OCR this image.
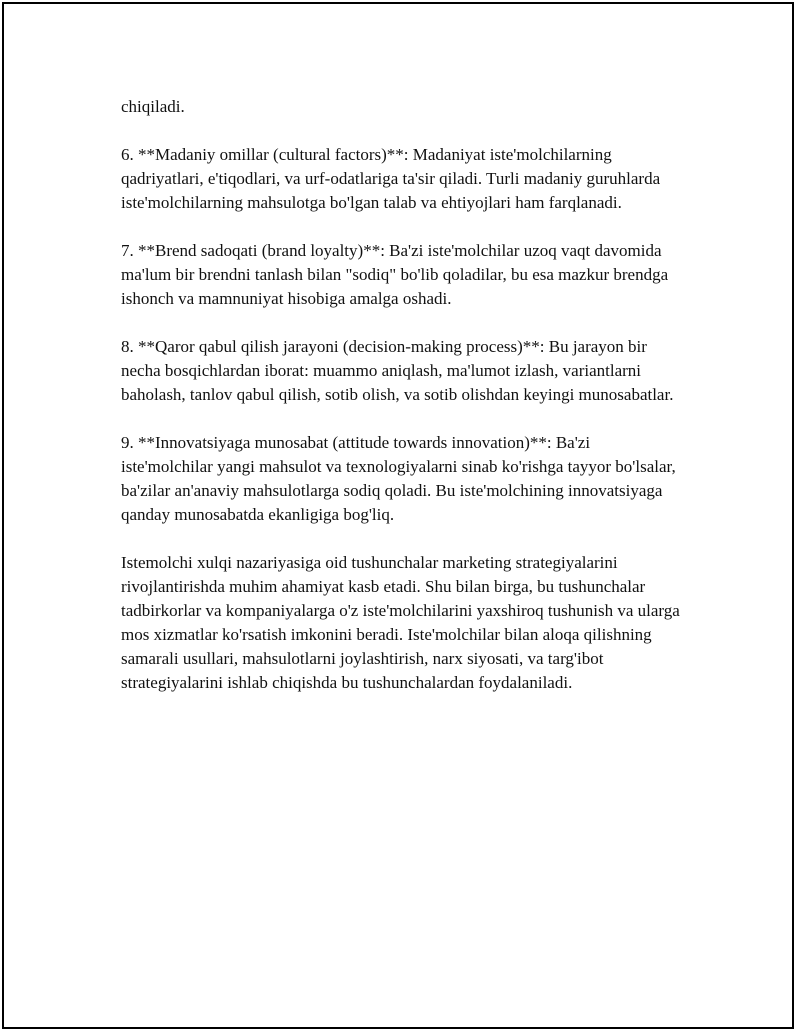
chiqiladi.

6. **Madaniy omillar (cultural factors)**: Madaniyat iste'molchilarning qadriyatlari, e'tiqodlari, va urf-odatlariga ta'sir qiladi. Turli madaniy guruhlarda iste'molchilarning mahsulotga bo'lgan talab va ehtiyojlari ham farqlanadi.

7. **Brend sadoqati (brand loyalty)**: Ba'zi iste'molchilar uzoq vaqt davomida ma'lum bir brendni tanlash bilan "sodiq" bo'lib qoladilar, bu esa mazkur brendga ishonch va mamnuniyat hisobiga amalga oshadi.

8. **Qaror qabul qilish jarayoni (decision-making process)**: Bu jarayon bir necha bosqichlardan iborat: muammo aniqlash, ma'lumot izlash, variantlarni baholash, tanlov qabul qilish, sotib olish, va sotib olishdan keyingi munosabatlar.

9. **Innovatsiyaga munosabat (attitude towards innovation)**: Ba'zi iste'molchilar yangi mahsulot va texnologiyalarni sinab ko'rishga tayyor bo'lsalar, ba'zilar an'anaviy mahsulotlarga sodiq qoladi. Bu iste'molchining innovatsiyaga qanday munosabatda ekanligiga bog'liq.

Istemolchi xulqi nazariyasiga oid tushunchalar marketing strategiyalarini rivojlantirishda muhim ahamiyat kasb etadi. Shu bilan birga, bu tushunchalar tadbirkorlar va kompaniyalarga o'z iste'molchilarini yaxshiroq tushunish va ularga mos xizmatlar ko'rsatish imkonini beradi. Iste'molchilar bilan aloqa qilishning samarali usullari, mahsulotlarni joylashtirish, narx siyosati, va targ'ibot strategiyalarini ishlab chiqishda bu tushunchalardan foydalaniladi.
